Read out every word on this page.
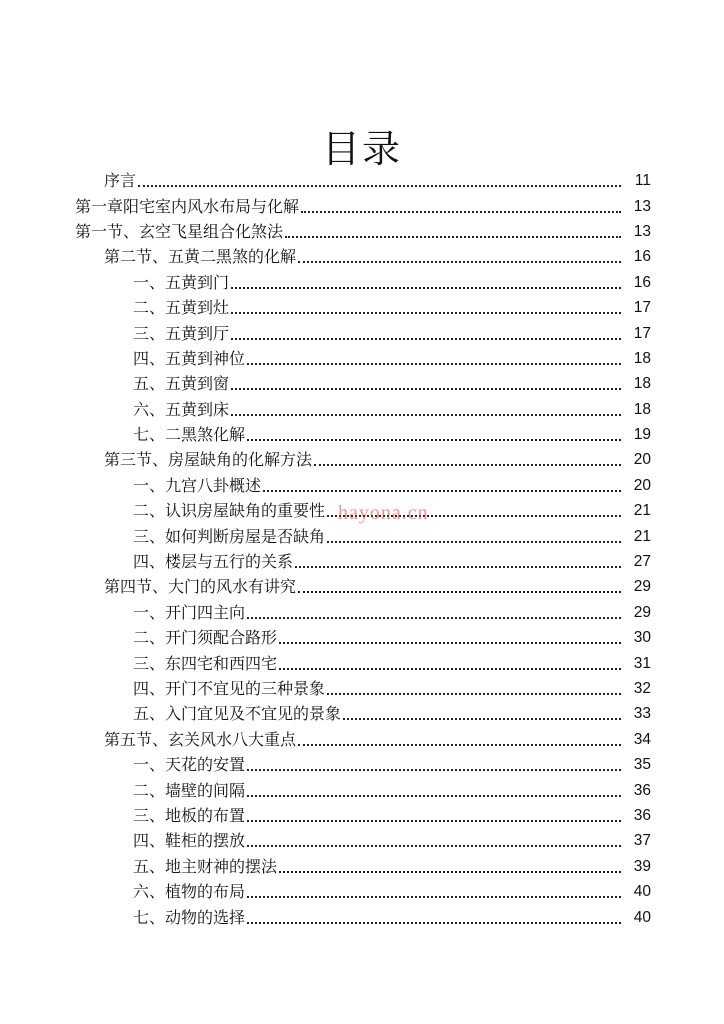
目录
序言	11
第一章阳宅室内风水布局与化解	13
第一节、玄空飞星组合化煞法	13
第二节、五黄二黑煞的化解	16
一、五黄到门	16
二、五黄到灶	17
三、五黄到厅	17
四、五黄到神位	18
五、五黄到窗	18
六、五黄到床	18
七、二黑煞化解	19
第三节、房屋缺角的化解方法	20
一、九宫八卦概述	20
二、认识房屋缺角的重要性	21
三、如何判断房屋是否缺角	21
四、楼层与五行的关系	27
第四节、大门的风水有讲究	29
一、开门四主向	29
二、开门须配合路形	30
三、东四宅和西四宅	31
四、开门不宜见的三种景象	32
五、入门宜见及不宜见的景象	33
第五节、玄关风水八大重点	34
一、天花的安置	35
二、墙壁的间隔	36
三、地板的布置	36
四、鞋柜的摆放	37
五、地主财神的摆法	39
六、植物的布局	40
七、动物的选择	40
hayona.cn
